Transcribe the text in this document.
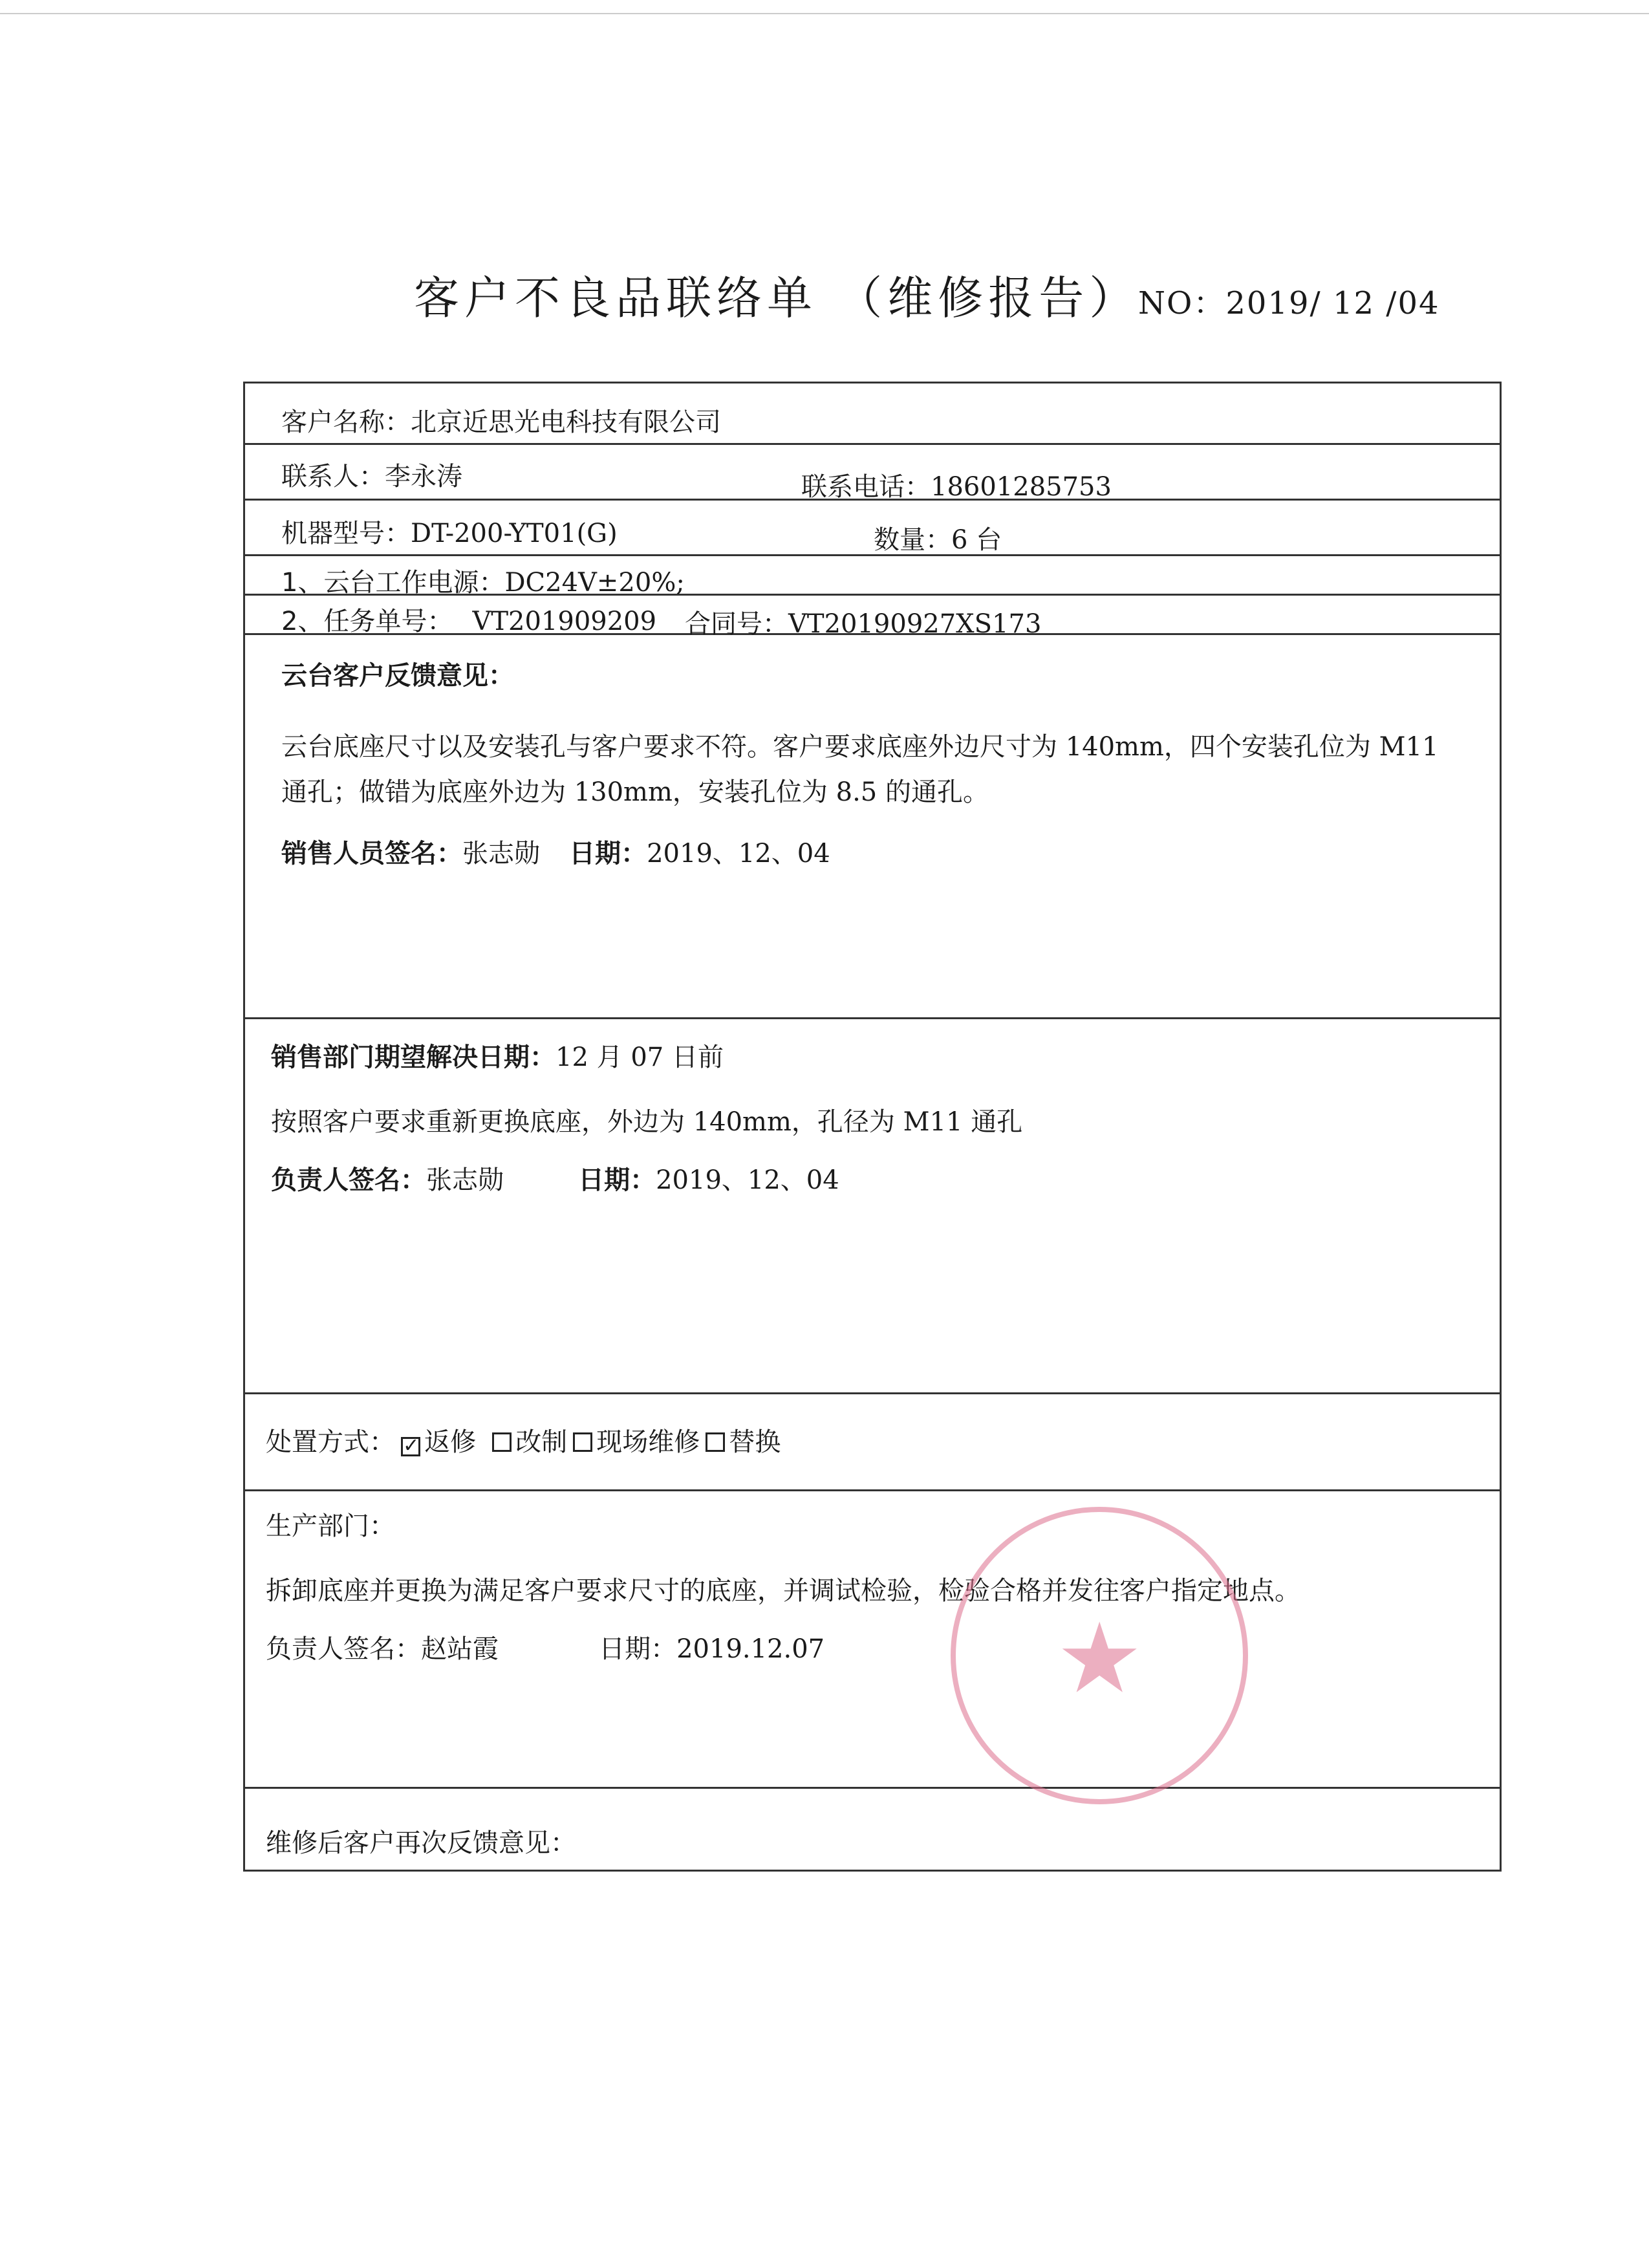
客户不良品联络单 （维修报告）
NO：2019/ 12 /04
客户名称：北京近思光电科技有限公司
联系人：李永涛	联系电话：18601285753
机器型号：DT-200-YT01(G)	数量：6 台
1、云台工作电源：DC24V±20%;
2、任务单号： VT201909209 合同号：VT20190927XS173
云台客户反馈意见：
云台底座尺寸以及安装孔与客户要求不符。客户要求底座外边尺寸为 140mm，四个安装孔位为 M11
通孔；做错为底座外边为 130mm，安装孔位为 8.5 的通孔。
销售人员签名：张志勋 日期：2019、12、04
销售部门期望解决日期：12 月 07 日前
按照客户要求重新更换底座，外边为 140mm，孔径为 M11 通孔
负责人签名：张志勋	日期：2019、12、04
处置方式： ✓ 返修 改制 现场维修 替换
生产部门：
拆卸底座并更换为满足客户要求尺寸的底座，并调试检验，检验合格并发往客户指定地点。
负责人签名：赵站霞	日期：2019.12.07
维修后客户再次反馈意见：
★
